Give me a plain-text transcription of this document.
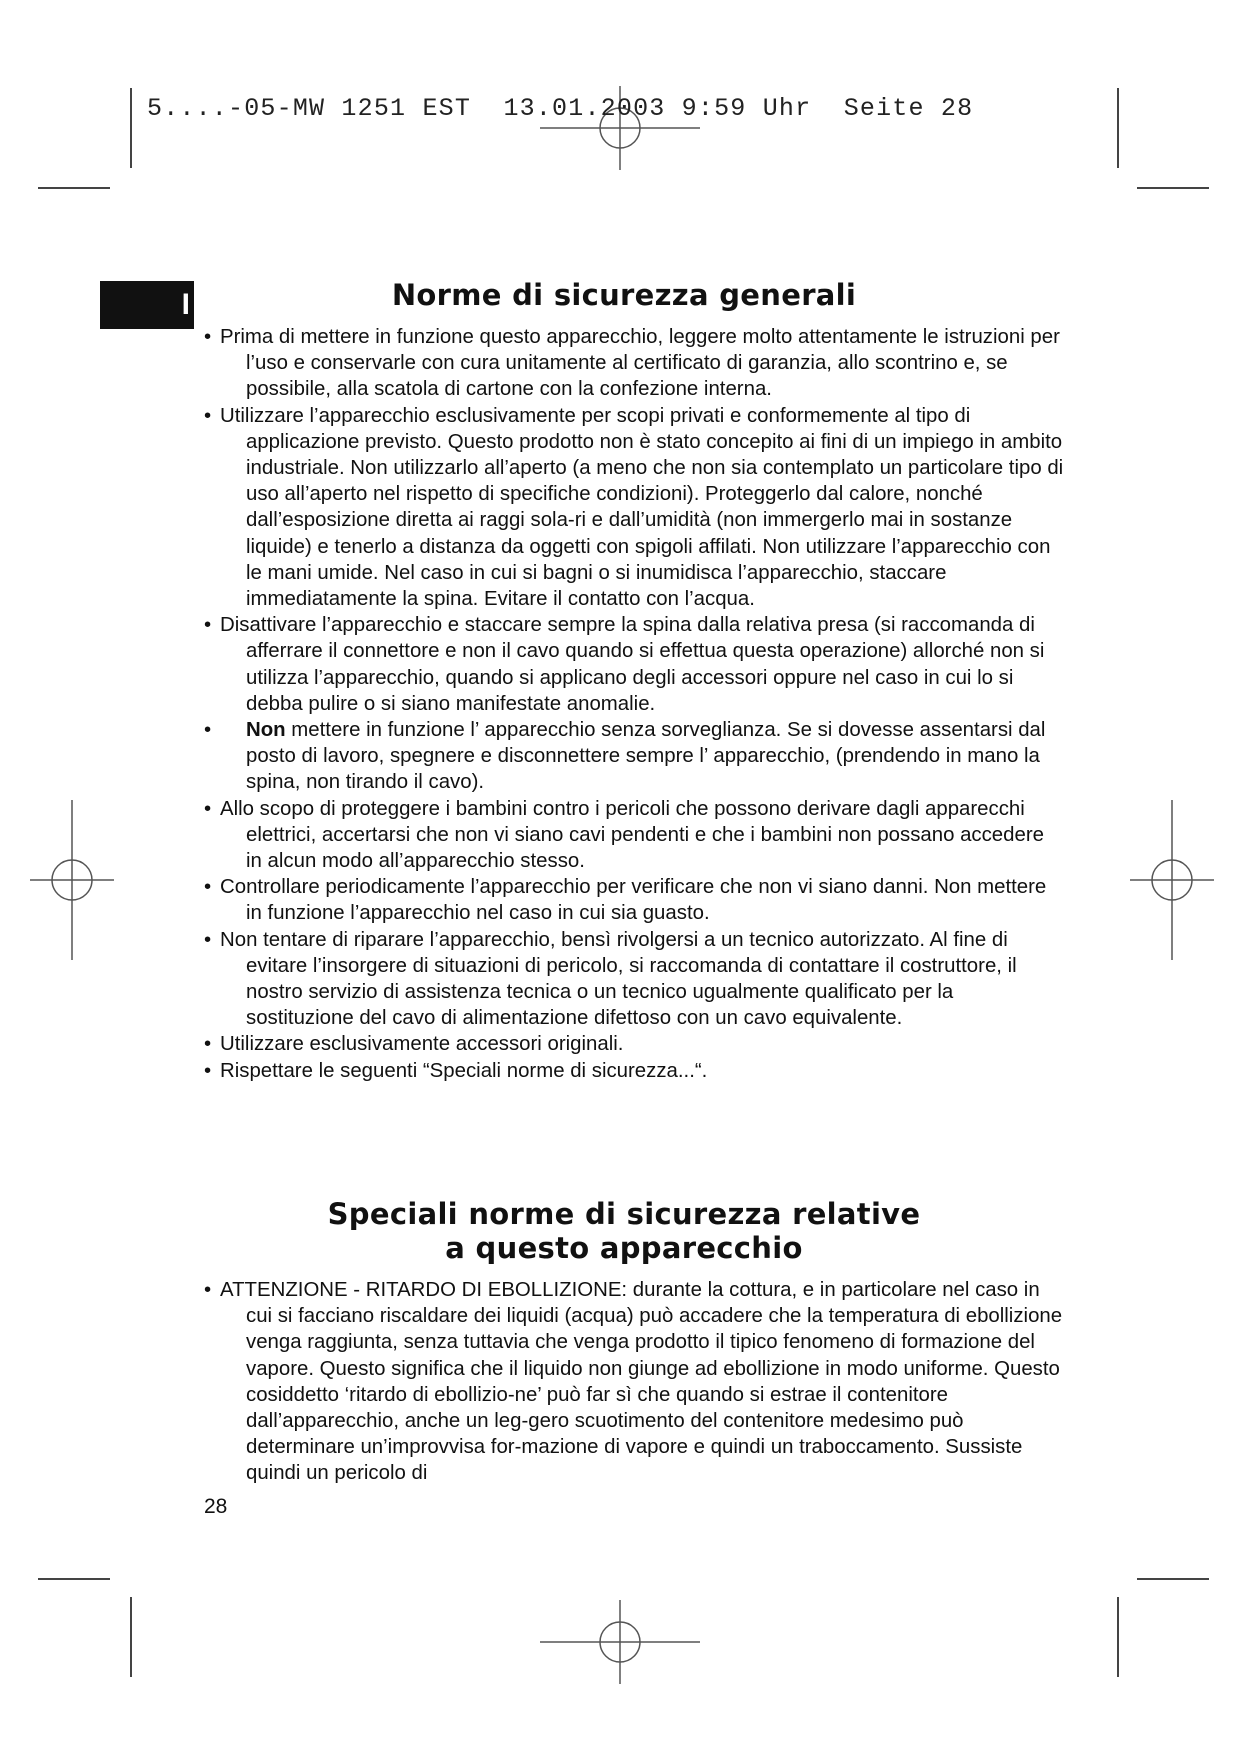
5....-05-MW 1251 EST  13.01.2003 9:59 Uhr  Seite 28
I	Norme di sicurezza generali
• Prima di mettere in funzione questo apparecchio, leggere molto attentamente le istruzioni per l’uso e conservarle con cura unitamente al certificato di garanzia, allo scontrino e, se possibile, alla scatola di cartone con la confezione interna.
• Utilizzare l’apparecchio esclusivamente per scopi privati e conformemente al tipo di applicazione previsto. Questo prodotto non è stato concepito ai fini di un impiego in ambito industriale. Non utilizzarlo all’aperto (a meno che non sia contemplato un particolare tipo di uso all’aperto nel rispetto di specifiche condizioni). Proteggerlo dal calore, nonché dall’esposizione diretta ai raggi sola-ri e dall’umidità (non immergerlo mai in sostanze liquide) e tenerlo a distanza da oggetti con spigoli affilati. Non utilizzare l’apparecchio con le mani umide. Nel caso in cui si bagni o si inumidisca l’apparecchio, staccare immediatamente la spina. Evitare il contatto con l’acqua.
• Disattivare l’apparecchio e staccare sempre la spina dalla relativa presa (si raccomanda di afferrare il connettore e non il cavo quando si effettua questa operazione) allorché non si utilizza l’apparecchio, quando si applicano degli accessori oppure nel caso in cui lo si debba pulire o si siano manifestate anomalie.
• Non mettere in funzione l’ apparecchio senza sorveglianza. Se si dovesse assentarsi dal posto di lavoro, spegnere e disconnettere sempre l’ apparecchio, (prendendo in mano la spina, non tirando il cavo).
• Allo scopo di proteggere i bambini contro i pericoli che possono derivare dagli apparecchi elettrici, accertarsi che non vi siano cavi pendenti e che i bambini non possano accedere in alcun modo all’apparecchio stesso.
• Controllare periodicamente l’apparecchio per verificare che non vi siano danni. Non mettere in funzione l’apparecchio nel caso in cui sia guasto.
• Non tentare di riparare l’apparecchio, bensì rivolgersi a un tecnico autorizzato. Al fine di evitare l’insorgere di situazioni di pericolo, si raccomanda di contattare il costruttore, il nostro servizio di assistenza tecnica o un tecnico ugualmente qualificato per la sostituzione del cavo di alimentazione difettoso con un cavo equivalente.
• Utilizzare esclusivamente accessori originali.
• Rispettare le seguenti “Speciali norme di sicurezza...“.
Speciali norme di sicurezza relative
a questo apparecchio
• ATTENZIONE - RITARDO DI EBOLLIZIONE: durante la cottura, e in particolare nel caso in cui si facciano riscaldare dei liquidi (acqua) può accadere che la temperatura di ebollizione venga raggiunta, senza tuttavia che venga prodotto il tipico fenomeno di formazione del vapore. Questo significa che il liquido non giunge ad ebollizione in modo uniforme. Questo cosiddetto ‘ritardo di ebollizio-ne’ può far sì che quando si estrae il contenitore dall’apparecchio, anche un leg-gero scuotimento del contenitore medesimo può determinare un’improvvisa for-mazione di vapore e quindi un traboccamento. Sussiste quindi un pericolo di
28
